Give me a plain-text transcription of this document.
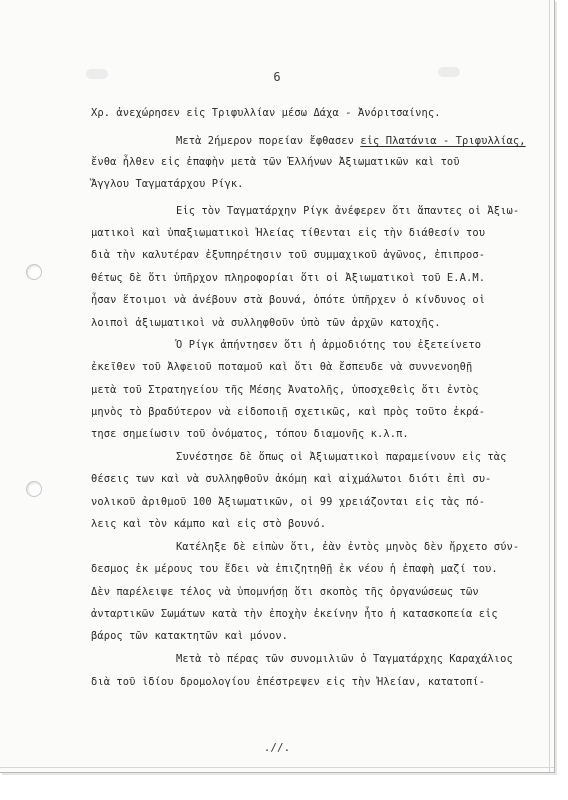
6
Χρ. ἀνεχώρησεν εἰς Τριφυλλίαν μέσω Δάχα - Ἀνόριτσαίνης.
Μετὰ 2ήμερον πορείαν ἔφθασεν εἰς Πλατάνια - Τριφυλλίας,
ἔνθα ἦλθεν εἰς ἐπαφὴν μετὰ τῶν Ἑλλήνων Ἀξιωματικῶν καὶ τοῦ
Ἄγγλου Ταγματάρχου Ρίγκ.
Εἰς τὸν Ταγματάρχην Ρίγκ ἀνέφερεν ὅτι ἅπαντες οἱ Ἀξιω-
ματικοὶ καὶ ὑπαξιωματικοὶ Ἠλείας τίθενται εἰς τὴν διάθεσίν του
διὰ τὴν καλυτέραν ἐξυπηρέτησιν τοῦ συμμαχικοῦ ἀγῶνος, ἐπιπροσ-
θέτως δὲ ὅτι ὑπῆρχον πληροφορίαι ὅτι οἱ Ἀξιωματικοὶ τοῦ Ε.Α.Μ.
ἦσαν ἕτοιμοι νὰ ἀνέβουν στὰ βουνά, ὁπότε ὑπῆρχεν ὁ κίνδυνος οἱ
λοιποὶ ἀξιωματικοὶ νὰ συλληφθοῦν ὑπὸ τῶν ἀρχῶν κατοχῆς.
Ὁ Ρίγκ ἀπήντησεν ὅτι ἡ ἁρμοδιότης του ἐξετείνετο
ἐκεῖθεν τοῦ Ἀλφειοῦ ποταμοῦ καὶ ὅτι θὰ ἔσπευδε νὰ συννενοηθῇ
μετὰ τοῦ Στρατηγείου τῆς Μέσης Ἀνατολῆς, ὑποσχεθεὶς ὅτι ἐντὸς
μηνὸς τὸ βραδύτερον νὰ εἰδοποιῇ σχετικῶς, καὶ πρὸς τοῦτο ἐκρά-
τησε σημείωσιν τοῦ ὀνόματος, τόπου διαμονῆς κ.λ.π.
Συνέστησε δὲ ὅπως οἱ Ἀξιωματικοὶ παραμείνουν εἰς τὰς
θέσεις των καὶ νὰ συλληφθοῦν ἀκόμη καὶ αἰχμάλωτοι διότι ἐπὶ συ-
νολικοῦ ἀριθμοῦ 100 Ἀξιωματικῶν, οἱ 99 χρειάζονται εἰς τὰς πό-
λεις καὶ τὸν κάμπο καὶ εἰς στὸ βουνό.
Κατέληξε δὲ εἰπὼν ὅτι, ἐὰν ἐντὸς μηνὸς δὲν ἤρχετο σύν-
δεσμος ἐκ μέρους του ἔδει νὰ ἐπιζητηθῇ ἐκ νέου ἡ ἐπαφὴ μαζί του.
Δὲν παρέλειψε τέλος νὰ ὑπομνήσῃ ὅτι σκοπὸς τῆς ὀργανώσεως τῶν
ἀνταρτικῶν Σωμάτων κατὰ τὴν ἐποχὴν ἐκείνην ἦτο ἡ κατασκοπεία εἰς
βάρος τῶν κατακτητῶν καὶ μόνον.
Μετὰ τὸ πέρας τῶν συνομιλιῶν ὁ Ταγματάρχης Καραχάλιος
διὰ τοῦ ἰδίου δρομολογίου ἐπέστρεψεν εἰς τὴν Ἠλείαν, κατατοπί-
.//.
